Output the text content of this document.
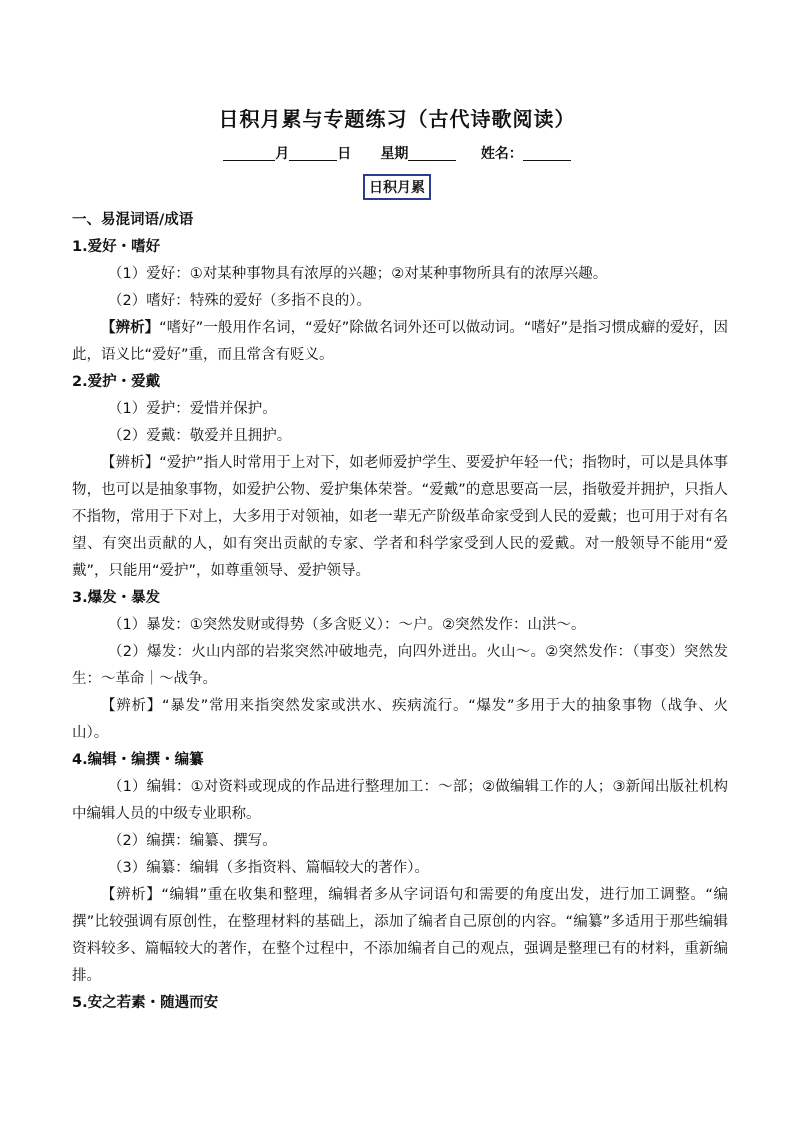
日积月累与专题练习（古代诗歌阅读）
月	日 星期	姓名：
日积月累

一、易混词语/成语

1.爱好・嗜好

（1）爱好：①对某种事物具有浓厚的兴趣；②对某种事物所具有的浓厚兴趣。

（2）嗜好：特殊的爱好（多指不良的）。

【辨析】“嗜好”一般用作名词，“爱好”除做名词外还可以做动词。“嗜好”是指习惯成癖的爱好，因此，语义比“爱好”重，而且常含有贬义。

2.爱护・爱戴

（1）爱护：爱惜并保护。

（2）爱戴：敬爱并且拥护。

【辨析】“爱护”指人时常用于上对下，如老师爱护学生、要爱护年轻一代；指物时，可以是具体事物，也可以是抽象事物，如爱护公物、爱护集体荣誉。“爱戴”的意思要高一层，指敬爱并拥护，只指人不指物，常用于下对上，大多用于对领袖，如老一辈无产阶级革命家受到人民的爱戴；也可用于对有名望、有突出贡献的人，如有突出贡献的专家、学者和科学家受到人民的爱戴。对一般领导不能用“爱戴”，只能用“爱护”，如尊重领导、爱护领导。

3.爆发・暴发

（1）暴发：①突然发财或得势（多含贬义）：～户。②突然发作：山洪～。

（2）爆发：火山内部的岩浆突然冲破地壳，向四外迸出。火山～。②突然发作：（事变）突然发生：～革命｜～战争。

【辨析】“暴发”常用来指突然发家或洪水、疾病流行。“爆发”多用于大的抽象事物（战争、火山）。

4.编辑・编撰・编纂

（1）编辑：①对资料或现成的作品进行整理加工：～部；②做编辑工作的人；③新闻出版社机构中编辑人员的中级专业职称。

（2）编撰：编纂、撰写。

（3）编纂：编辑（多指资料、篇幅较大的著作）。

【辨析】“编辑”重在收集和整理，编辑者多从字词语句和需要的角度出发，进行加工调整。“编撰”比较强调有原创性，在整理材料的基础上，添加了编者自己原创的内容。“编纂”多适用于那些编辑资料较多、篇幅较大的著作，在整个过程中，不添加编者自己的观点，强调是整理已有的材料，重新编排。

5.安之若素・随遇而安
